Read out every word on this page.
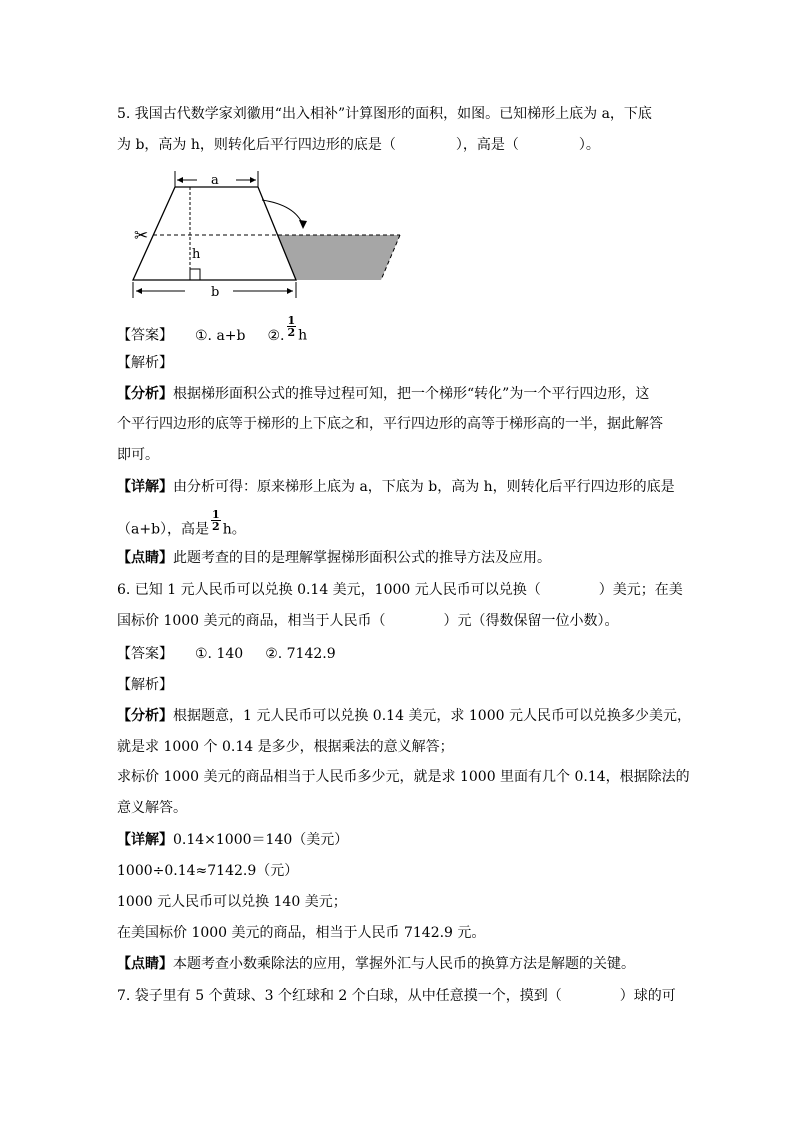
5. 我国古代数学家刘徽用“出入相补”计算图形的面积，如图。已知梯形上底为 a，下底
为 b，高为 h，则转化后平行四边形的底是（	），高是（	）。
a
b
h
✂
【答案】 ①. a+b ②. $\frac{1}{2}$ h
【解析】
【分析】根据梯形面积公式的推导过程可知，把一个梯形“转化”为一个平行四边形，这
个平行四边形的底等于梯形的上下底之和，平行四边形的高等于梯形高的一半，据此解答
即可。
【详解】由分析可得：原来梯形上底为 a，下底为 b，高为 h，则转化后平行四边形的底是
（a+b），高是 $\frac{1}{2}$ h。
【点睛】此题考查的目的是理解掌握梯形面积公式的推导方法及应用。
6. 已知 1 元人民币可以兑换 0.14 美元，1000 元人民币可以兑换（	）美元；在美
国标价 1000 美元的商品，相当于人民币（	）元（得数保留一位小数）。
【答案】 ①. 140 ②. 7142.9
【解析】
【分析】根据题意，1 元人民币可以兑换 0.14 美元，求 1000 元人民币可以兑换多少美元，
就是求 1000 个 0.14 是多少，根据乘法的意义解答；
求标价 1000 美元的商品相当于人民币多少元，就是求 1000 里面有几个 0.14，根据除法的
意义解答。
【详解】0.14×1000＝140（美元）
1000÷0.14≈7142.9（元）
1000 元人民币可以兑换 140 美元；
在美国标价 1000 美元的商品，相当于人民币 7142.9 元。
【点睛】本题考查小数乘除法的应用，掌握外汇与人民币的换算方法是解题的关键。
7. 袋子里有 5 个黄球、3 个红球和 2 个白球，从中任意摸一个，摸到（	）球的可
